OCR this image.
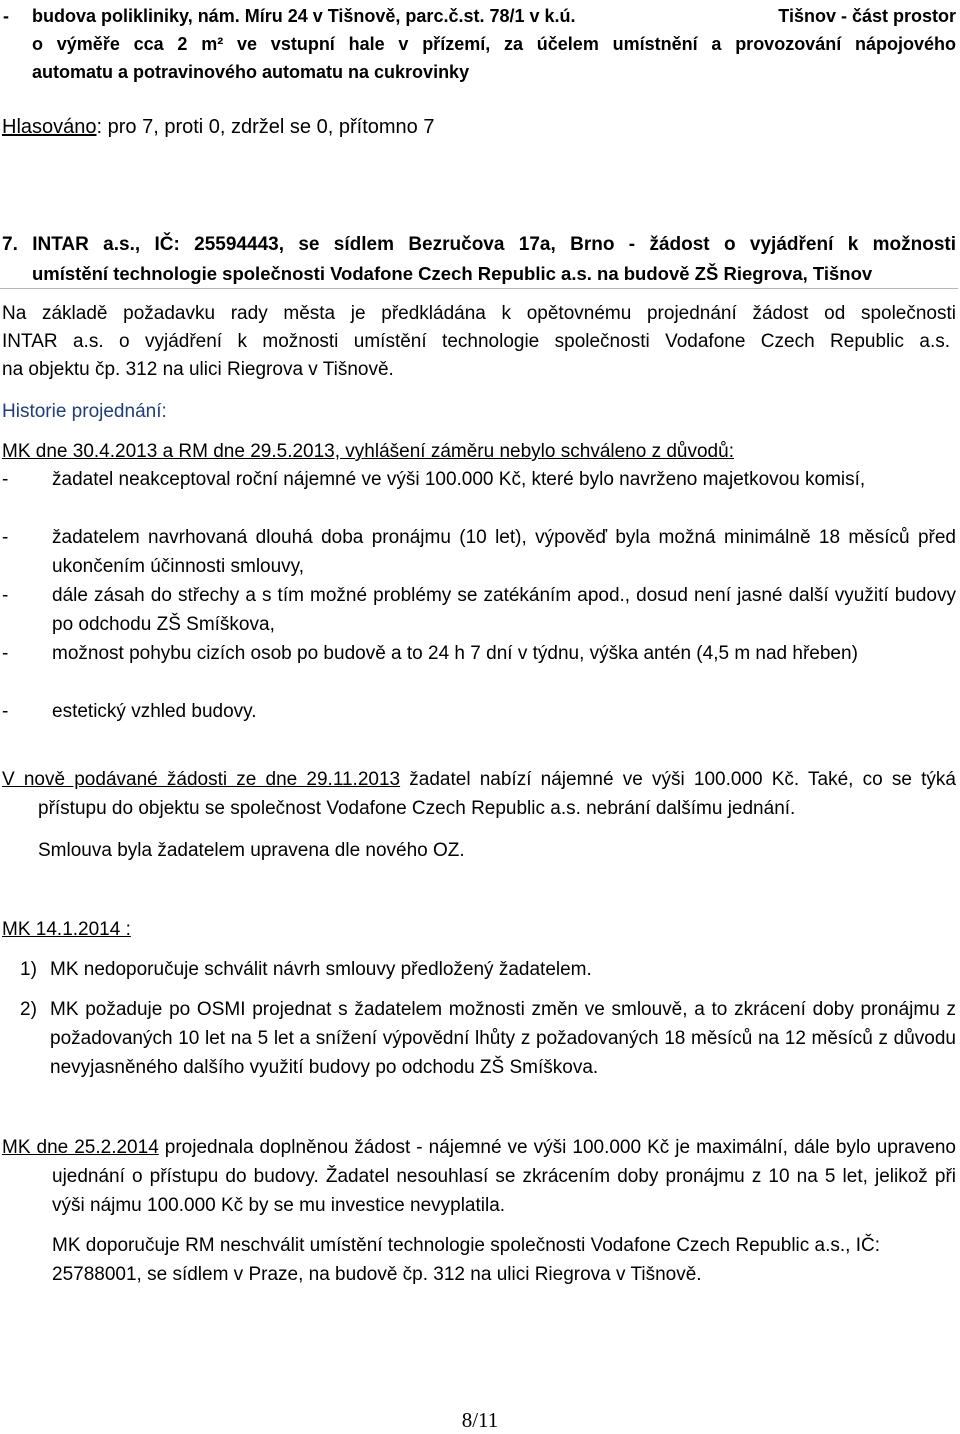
- budova polikliniky, nám. Míru 24 v Tišnově, parc.č.st. 78/1 v k.ú.	Tišnov - část prostor
o výměře cca 2 m² ve vstupní hale v přízemí, za účelem umístnění a provozování nápojového
automatu a potravinového automatu na cukrovinky
Hlasováno: pro 7, proti 0, zdržel se 0, přítomno 7
7. INTAR a.s., IČ: 25594443, se sídlem Bezručova 17a, Brno - žádost o vyjádření k možnosti
umístění technologie společnosti Vodafone Czech Republic a.s. na budově ZŠ Riegrova, Tišnov
Na základě požadavku rady města je předkládána k opětovnému projednání žádost od společnosti
INTAR a.s. o vyjádření k možnosti umístění technologie společnosti Vodafone Czech Republic a.s.
na objektu čp. 312 na ulici Riegrova v Tišnově.
Historie projednání:
MK dne 30.4.2013 a RM dne 29.5.2013, vyhlášení záměru nebylo schváleno z důvodů:
- žadatel neakceptoval roční nájemné ve výši 100.000 Kč, které bylo navrženo majetkovou komisí,
- žadatelem navrhovaná dlouhá doba pronájmu (10 let), výpověď byla možná minimálně 18 měsíců před ukončením účinnosti smlouvy,
- dále zásah do střechy a s tím možné problémy se zatékáním apod., dosud není jasné další využití budovy po odchodu ZŠ Smíškova,
- možnost pohybu cizích osob po budově a to 24 h 7 dní v týdnu, výška antén (4,5 m nad hřeben)
- estetický vzhled budovy.
V nově podávané žádosti ze dne 29.11.2013 žadatel nabízí nájemné ve výši 100.000 Kč. Také, co se týká přístupu do objektu se společnost Vodafone Czech Republic a.s. nebrání dalšímu jednání.
Smlouva byla žadatelem upravena dle nového OZ.
MK 14.1.2014 :
1) MK nedoporučuje schválit návrh smlouvy předložený žadatelem.
2) MK požaduje po OSMI projednat s žadatelem možnosti změn ve smlouvě, a to zkrácení doby pronájmu z požadovaných 10 let na 5 let a snížení výpovědní lhůty z požadovaných 18 měsíců na 12 měsíců z důvodu nevyjasněného dalšího využití budovy po odchodu ZŠ Smíškova.
MK dne 25.2.2014 projednala doplněnou žádost - nájemné ve výši 100.000 Kč je maximální, dále bylo upraveno ujednání o přístupu do budovy. Žadatel nesouhlasí se zkrácením doby pronájmu z 10 na 5 let, jelikož při výši nájmu 100.000 Kč by se mu investice nevyplatila.
MK doporučuje RM neschválit umístění technologie společnosti Vodafone Czech Republic a.s., IČ: 25788001, se sídlem v Praze, na budově čp. 312 na ulici Riegrova v Tišnově.
8/11
